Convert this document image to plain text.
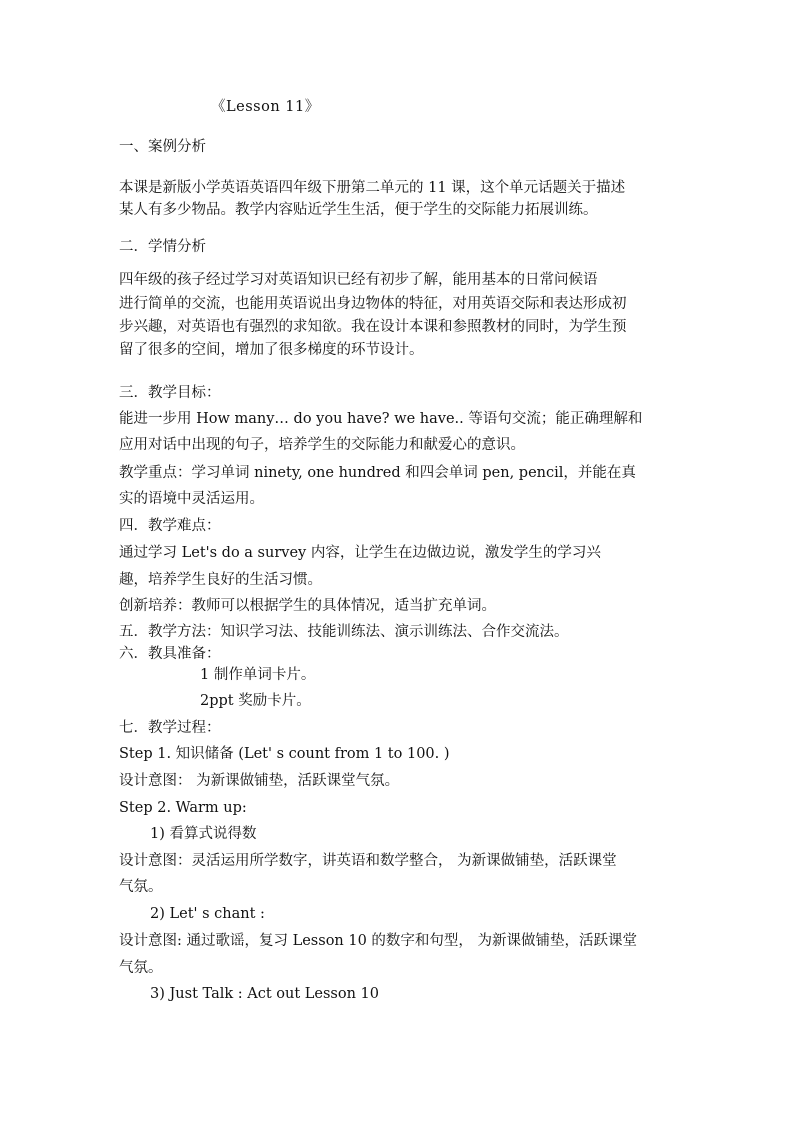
《Lesson 11》
一、案例分析
本课是新版小学英语英语四年级下册第二单元的 11 课，这个单元话题关于描述
某人有多少物品。教学内容贴近学生生活，便于学生的交际能力拓展训练。
二．学情分析
四年级的孩子经过学习对英语知识已经有初步了解，能用基本的日常问候语
进行简单的交流，也能用英语说出身边物体的特征，对用英语交际和表达形成初
步兴趣，对英语也有强烈的求知欲。我在设计本课和参照教材的同时，为学生预
留了很多的空间，增加了很多梯度的环节设计。
三．教学目标：
能进一步用 How many… do you have? we have.. 等语句交流；能正确理解和
应用对话中出现的句子，培养学生的交际能力和献爱心的意识。
教学重点：学习单词 ninety, one hundred 和四会单词 pen, pencil，并能在真
实的语境中灵活运用。
四．教学难点：
通过学习 Let's do a survey 内容，让学生在边做边说，激发学生的学习兴
趣，培养学生良好的生活习惯。
创新培养：教师可以根据学生的具体情况，适当扩充单词。
五．教学方法：知识学习法、技能训练法、演示训练法、合作交流法。
六．教具准备：
1 制作单词卡片。
2ppt 奖励卡片。
七．教学过程：
Step 1. 知识储备 (Let' s count from 1 to 100. )
设计意图： 为新课做铺垫，活跃课堂气氛。
Step 2. Warm up:
1) 看算式说得数
设计意图：灵活运用所学数字，讲英语和数学整合， 为新课做铺垫，活跃课堂
气氛。
2) Let' s chant :
设计意图: 通过歌谣，复习 Lesson 10 的数字和句型， 为新课做铺垫，活跃课堂
气氛。
3) Just Talk : Act out Lesson 10
